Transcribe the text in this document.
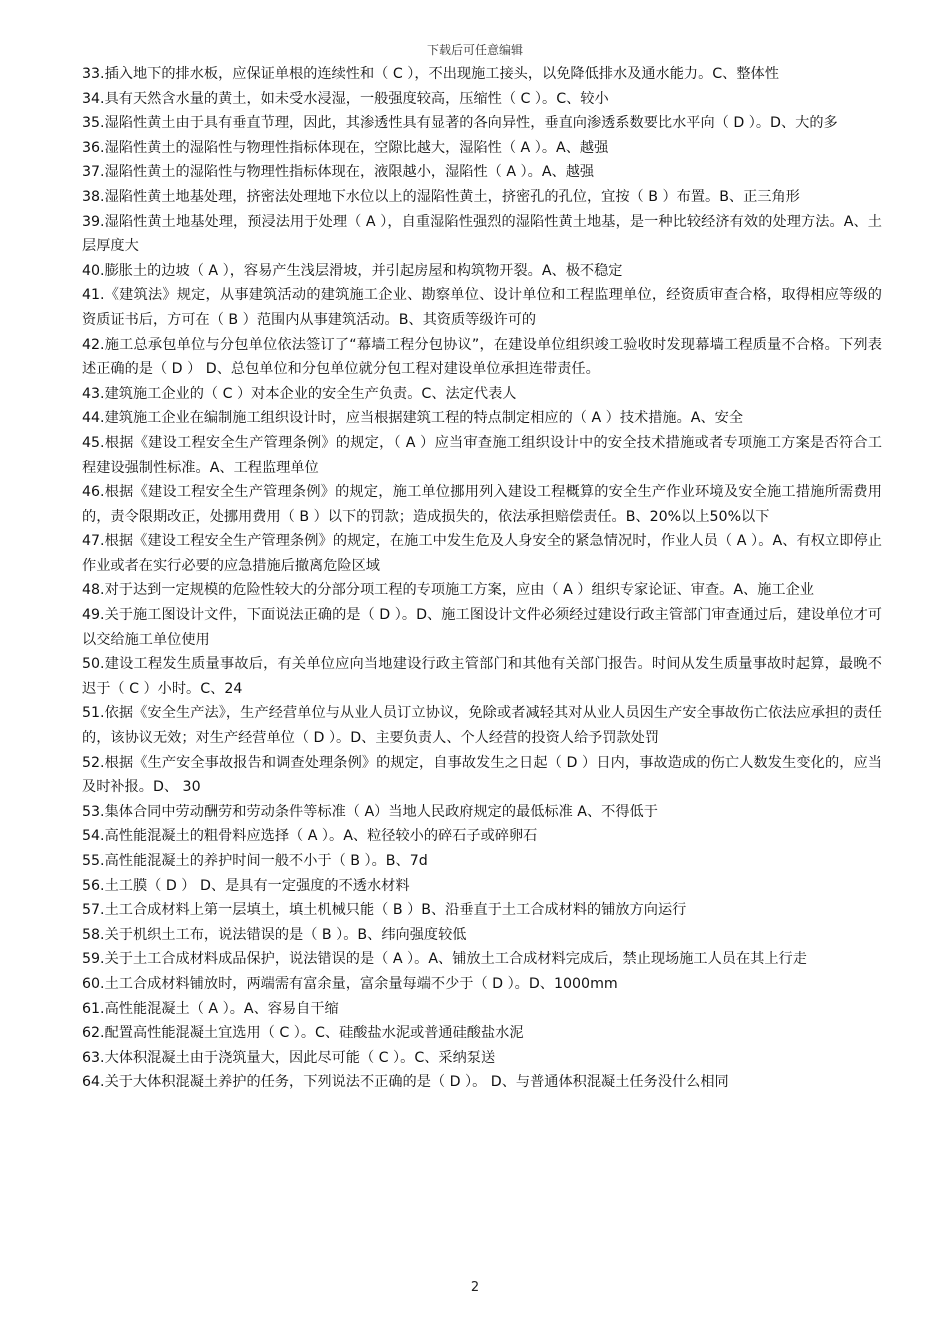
下载后可任意编辑

33.插入地下的排水板，应保证单根的连续性和（ C ），不出现施工接头，以免降低排水及通水能力。C、整体性

34.具有天然含水量的黄土，如未受水浸湿，一般强度较高，压缩性（ C ）。C、较小

35.湿陷性黄土由于具有垂直节理，因此，其渗透性具有显著的各向异性，垂直向渗透系数要比水平向（ D ）。D、大的多

36.湿陷性黄土的湿陷性与物理性指标体现在，空隙比越大，湿陷性（ A ）。A、越强

37.湿陷性黄土的湿陷性与物理性指标体现在，液限越小，湿陷性（ A ）。A、越强

38.湿陷性黄土地基处理，挤密法处理地下水位以上的湿陷性黄土，挤密孔的孔位，宜按（ B ）布置。B、正三角形

39.湿陷性黄土地基处理，预浸法用于处理（ A ），自重湿陷性强烈的湿陷性黄土地基，是一种比较经济有效的处理方法。A、土层厚度大

40.膨胀土的边坡（ A ），容易产生浅层滑坡，并引起房屋和构筑物开裂。A、极不稳定

41.《建筑法》规定，从事建筑活动的建筑施工企业、勘察单位、设计单位和工程监理单位，经资质审查合格，取得相应等级的资质证书后，方可在（ B ）范围内从事建筑活动。B、其资质等级许可的

42.施工总承包单位与分包单位依法签订了“幕墙工程分包协议”，在建设单位组织竣工验收时发现幕墙工程质量不合格。下列表述正确的是（ D ） D、总包单位和分包单位就分包工程对建设单位承担连带责任。

43.建筑施工企业的（ C ）对本企业的安全生产负责。C、法定代表人

44.建筑施工企业在编制施工组织设计时，应当根据建筑工程的特点制定相应的（ A ）技术措施。A、安全

45.根据《建设工程安全生产管理条例》的规定，（ A ）应当审查施工组织设计中的安全技术措施或者专项施工方案是否符合工程建设强制性标准。A、工程监理单位

46.根据《建设工程安全生产管理条例》的规定，施工单位挪用列入建设工程概算的安全生产作业环境及安全施工措施所需费用的，责令限期改正，处挪用费用（ B ）以下的罚款；造成损失的，依法承担赔偿责任。B、20%以上50%以下

47.根据《建设工程安全生产管理条例》的规定，在施工中发生危及人身安全的紧急情况时，作业人员（ A ）。A、有权立即停止作业或者在实行必要的应急措施后撤离危险区域

48.对于达到一定规模的危险性较大的分部分项工程的专项施工方案，应由（ A ）组织专家论证、审查。A、施工企业

49.关于施工图设计文件，下面说法正确的是（ D ）。D、施工图设计文件必须经过建设行政主管部门审查通过后，建设单位才可以交给施工单位使用

50.建设工程发生质量事故后，有关单位应向当地建设行政主管部门和其他有关部门报告。时间从发生质量事故时起算，最晚不迟于（ C ）小时。C、24

51.依据《安全生产法》，生产经营单位与从业人员订立协议，免除或者减轻其对从业人员因生产安全事故伤亡依法应承担的责任的，该协议无效；对生产经营单位（ D ）。D、主要负责人、个人经营的投资人给予罚款处罚

52.根据《生产安全事故报告和调查处理条例》的规定，自事故发生之日起（ D ）日内，事故造成的伤亡人数发生变化的，应当及时补报。D、 30

53.集体合同中劳动酬劳和劳动条件等标准（ A）当地人民政府规定的最低标准 A、不得低于

54.高性能混凝土的粗骨料应选择（ A ）。A、粒径较小的碎石子或碎卵石

55.高性能混凝土的养护时间一般不小于（ B ）。B、7d

56.土工膜（ D ） D、是具有一定强度的不透水材料

57.土工合成材料上第一层填土，填土机械只能（ B ）B、沿垂直于土工合成材料的铺放方向运行

58.关于机织土工布，说法错误的是（ B ）。B、纬向强度较低

59.关于土工合成材料成品保护，说法错误的是（ A ）。A、铺放土工合成材料完成后，禁止现场施工人员在其上行走

60.土工合成材料铺放时，两端需有富余量，富余量每端不少于（ D ）。D、1000mm

61.高性能混凝土（ A ）。A、容易自干缩

62.配置高性能混凝土宜选用（ C ）。C、硅酸盐水泥或普通硅酸盐水泥

63.大体积混凝土由于浇筑量大，因此尽可能（ C ）。C、采纳泵送

64.关于大体积混凝土养护的任务，下列说法不正确的是（ D ）。 D、与普通体积混凝土任务没什么相同

2
